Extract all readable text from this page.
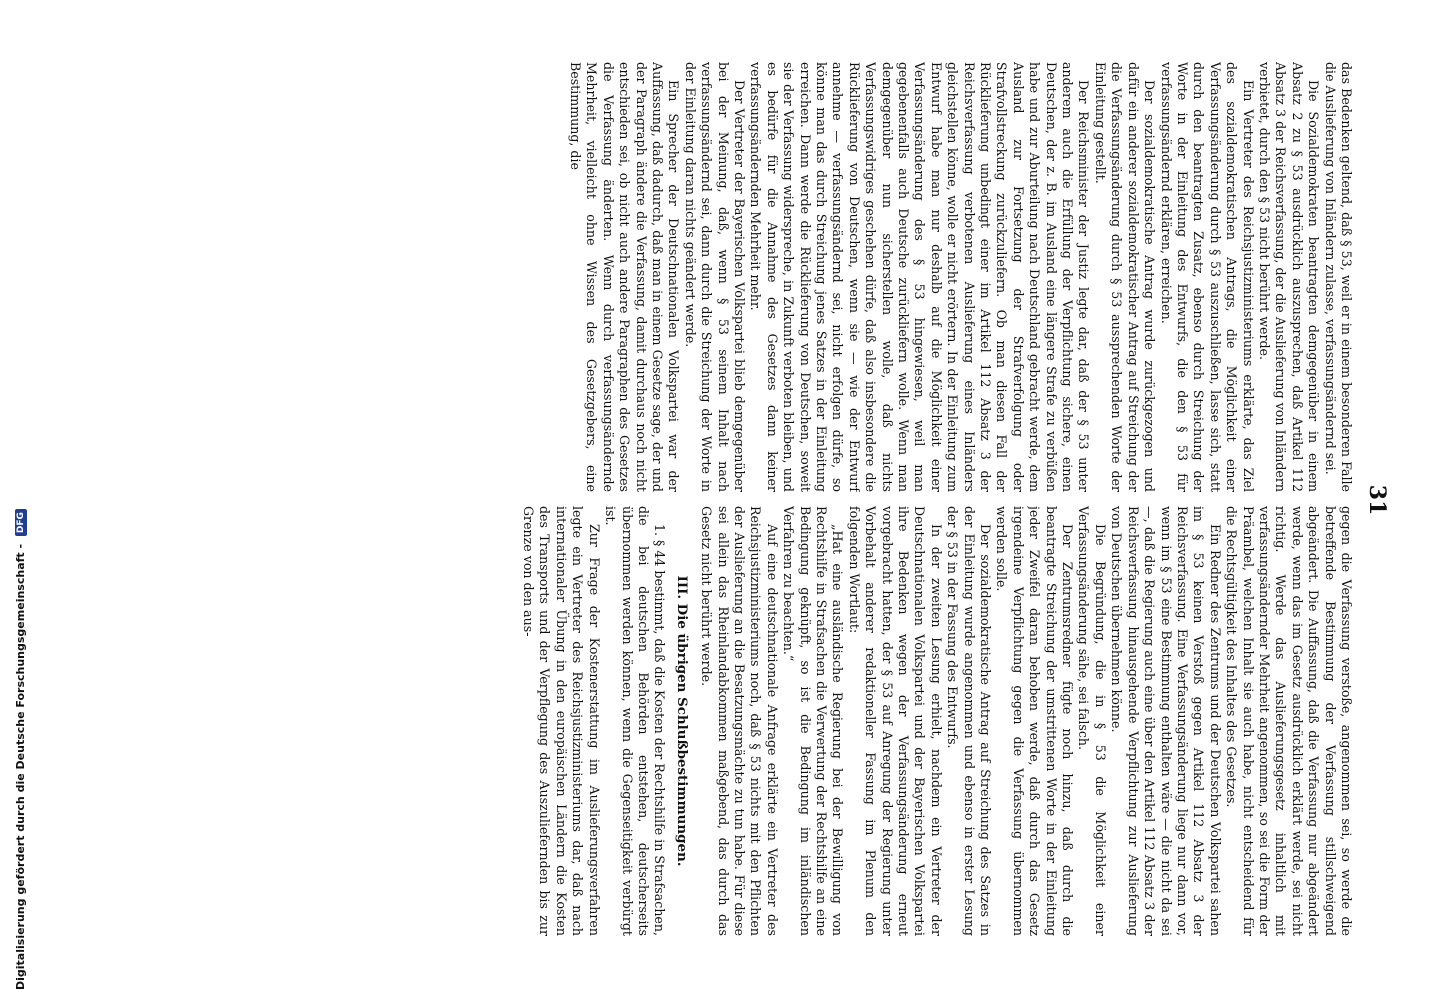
31

das Bedenken geltend, daß § 53, weil er in einem besonderen Falle die Auslieferung von Inländern zulasse, verfassungsändernd sei.

Die Sozialdemokraten beantragten demgegenüber in einem Absatz 2 zu § 53 ausdrücklich auszusprechen, daß Artikel 112 Absatz 3 der Reichsverfassung, der die Auslieferung von Inländern verbietet, durch den § 53 nicht berührt werde.

Ein Vertreter des Reichsjustizministeriums erklärte, das Ziel des sozialdemokratischen Antrags, die Möglichkeit einer Verfassungsänderung durch § 53 auszuschließen, lasse sich, statt durch den beantragten Zusatz, ebenso durch Streichung der Worte in der Einleitung des Entwurfs, die den § 53 für verfassungsändernd erklären, erreichen.

Der sozialdemokratische Antrag wurde zurückgezogen und dafür ein anderer sozialdemokratischer Antrag auf Streichung der die Verfassungsänderung durch § 53 aussprechenden Worte der Einleitung gestellt.

Der Reichsminister der Justiz legte dar, daß der § 53 unter anderem auch die Erfüllung der Verpflichtung sichere, einen Deutschen, der z. B. im Ausland eine längere Strafe zu verbüßen habe und zur Aburteilung nach Deutschland gebracht werde, dem Ausland zur Fortsetzung der Strafverfolgung oder Strafvollstreckung zurückzuliefern. Ob man diesen Fall der Rücklieferung unbedingt einer im Artikel 112 Absatz 3 der Reichsverfassung verbotenen Auslieferung eines Inländers gleichstellen könne, wolle er nicht erörtern. In der Einleitung zum Entwurf habe man nur deshalb auf die Möglichkeit einer Verfassungsänderung des § 53 hingewiesen, weil man gegebenenfalls auch Deutsche zurückliefern wolle. Wenn man demgegenüber nun sicherstellen wolle, daß nichts Verfassungswidriges geschehen dürfe, daß also insbesondere die Rücklieferung von Deutschen, wenn sie — wie der Entwurf annehme — verfassungsändernd sei, nicht erfolgen dürfe, so könne man das durch Streichung jenes Satzes in der Einleitung erreichen. Dann werde die Rücklieferung von Deutschen, soweit sie der Verfassung widerspreche, in Zukunft verboten bleiben, und es bedürfe für die Annahme des Gesetzes dann keiner verfassungsändernden Mehrheit mehr.

Der Vertreter der Bayerischen Volkspartei blieb demgegenüber bei der Meinung, daß, wenn § 53 seinem Inhalt nach verfassungsändernd sei, dann durch die Streichung der Worte in der Einleitung daran nichts geändert werde.

Ein Sprecher der Deutschnationalen Volkspartei war der Auffassung, daß dadurch, daß man in einem Gesetze sage, der und der Paragraph ändere die Verfassung, damit durchaus noch nicht entschieden sei, ob nicht auch andere Paragraphen des Gesetzes die Verfassung änderten. Wenn durch verfassungsändernde Mehrheit, vielleicht ohne Wissen des Gesetzgebers, eine Bestimmung, die

gegen die Verfassung verstoße, angenommen sei, so werde die betreffende Bestimmung der Verfassung stillschweigend abgeändert. Die Auffassung, daß die Verfassung nur abgeändert werde, wenn das im Gesetz ausdrücklich erklärt werde, sei nicht richtig. Werde das Auslieferungsgesetz inhaltlich mit verfassungsändernder Mehrheit angenommen, so sei die Form der Präambel, welchen Inhalt sie auch habe, nicht entscheidend für die Rechtsgültigkeit des Inhaltes des Gesetzes.

Ein Redner des Zentrums und der Deutschen Volkspartei sahen im § 53 keinen Verstoß gegen Artikel 112 Absatz 3 der Reichsverfassung. Eine Verfassungsänderung liege nur dann vor, wenn im § 53 eine Bestimmung enthalten wäre — die nicht da sei —, daß die Regierung auch eine über den Artikel 112 Absatz 3 der Reichsverfassung hinausgehende Verpflichtung zur Auslieferung von Deutschen übernehmen könne.

Die Begründung, die in § 53 die Möglichkeit einer Verfassungsänderung sähe, sei falsch.

Der Zentrumsredner fügte noch hinzu, daß durch die beantragte Streichung der umstrittenen Worte in der Einleitung jeder Zweifel daran behoben werde, daß durch das Gesetz irgendeine Verpflichtung gegen die Verfassung übernommen werden solle.

Der sozialdemokratische Antrag auf Streichung des Satzes in der Einleitung wurde angenommen und ebenso in erster Lesung der § 53 in der Fassung des Entwurfs.

In der zweiten Lesung erhielt, nachdem ein Vertreter der Deutschnationalen Volkspartei und der Bayerischen Volkspartei ihre Bedenken wegen der Verfassungsänderung erneut vorgebracht hatten, der § 53 auf Anregung der Regierung unter Vorbehalt anderer redaktioneller Fassung im Plenum den folgenden Wortlaut:

„Hat eine ausländische Regierung bei der Bewilligung von Rechtshilfe in Strafsachen die Verwertung der Rechtshilfe an eine Bedingung geknüpft, so ist die Bedingung im inländischen Verfahren zu beachten.“

Auf eine deutschnationale Anfrage erklärte ein Vertreter des Reichsjustizministeriums noch, daß § 53 nichts mit den Pflichten der Auslieferung an die Besatzungsmächte zu tun habe. Für diese sei allein das Rheinlandabkommen maßgebend, das durch das Gesetz nicht berührt werde.

III. Die übrigen Schlußbestimmungen.

1. § 44 bestimmt, daß die Kosten der Rechtshilfe in Strafsachen, die bei deutschen Behörden entstehen, deutscherseits übernommen werden können, wenn die Gegenseitigkeit verbürgt ist.

Zur Frage der Kostenerstattung im Auslieferungsverfahren legte ein Vertreter des Reichsjustizministeriums dar, daß nach internationaler Übung in den europäischen Ländern die Kosten des Transports und der Verpflegung des Auszuliefernden bis zur Grenze von den aus-

Digitalisierung gefördert durch die Deutsche Forschungsgemeinschaft - DFG
